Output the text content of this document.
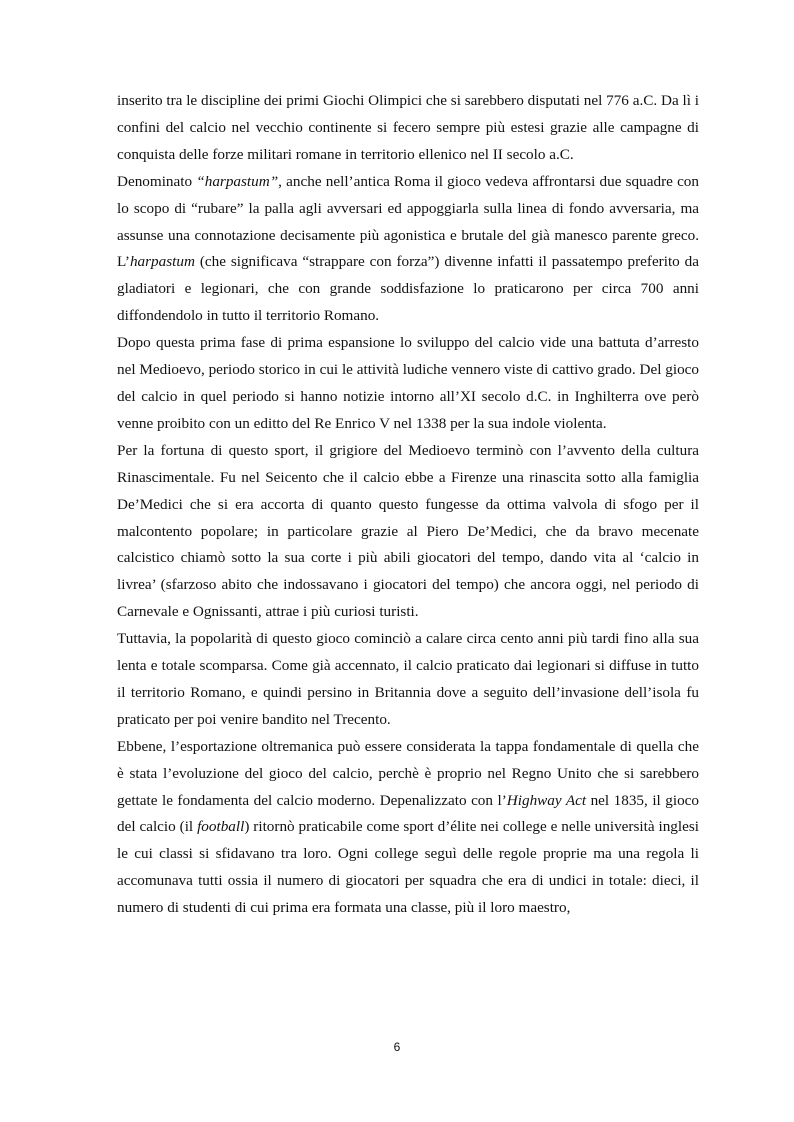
inserito tra le discipline dei primi Giochi Olimpici che si sarebbero disputati nel 776 a.C. Da lì i confini del calcio nel vecchio continente si fecero sempre più estesi grazie alle campagne di conquista delle forze militari romane in territorio ellenico nel II secolo a.C.

Denominato “harpastum”, anche nell’antica Roma il gioco vedeva affrontarsi due squadre con lo scopo di “rubare” la palla agli avversari ed appoggiarla sulla linea di fondo avversaria, ma assunse una connotazione decisamente più agonistica e brutale del già manesco parente greco. L’harpastum (che significava “strappare con forza”) divenne infatti il passatempo preferito da gladiatori e legionari, che con grande soddisfazione lo praticarono per circa 700 anni diffondendolo in tutto il territorio Romano.

Dopo questa prima fase di prima espansione lo sviluppo del calcio vide una battuta d’arresto nel Medioevo, periodo storico in cui le attività ludiche vennero viste di cattivo grado. Del gioco del calcio in quel periodo si hanno notizie intorno all’XI secolo d.C. in Inghilterra ove però venne proibito con un editto del Re Enrico V nel 1338 per la sua indole violenta.

Per la fortuna di questo sport, il grigiore del Medioevo terminò con l’avvento della cultura Rinascimentale. Fu nel Seicento che il calcio ebbe a Firenze una rinascita sotto alla famiglia De’Medici che si era accorta di quanto questo fungesse da ottima valvola di sfogo per il malcontento popolare; in particolare grazie al Piero De’Medici, che da bravo mecenate calcistico chiamò sotto la sua corte i più abili giocatori del tempo, dando vita al ‘calcio in livrea’ (sfarzoso abito che indossavano i giocatori del tempo) che ancora oggi, nel periodo di Carnevale e Ognissanti, attrae i più curiosi turisti.

Tuttavia, la popolarità di questo gioco cominciò a calare circa cento anni più tardi fino alla sua lenta e totale scomparsa. Come già accennato, il calcio praticato dai legionari si diffuse in tutto il territorio Romano, e quindi persino in Britannia dove a seguito dell’invasione dell’isola fu praticato per poi venire bandito nel Trecento.

Ebbene, l’esportazione oltremanica può essere considerata la tappa fondamentale di quella che è stata l’evoluzione del gioco del calcio, perchè è proprio nel Regno Unito che si sarebbero gettate le fondamenta del calcio moderno. Depenalizzato con l’Highway Act nel 1835, il gioco del calcio (il football) ritornò praticabile come sport d’élite nei college e nelle università inglesi le cui classi si sfidavano tra loro. Ogni college seguì delle regole proprie ma una regola li accomunava tutti ossia il numero di giocatori per squadra che era di undici in totale: dieci, il numero di studenti di cui prima era formata una classe, più il loro maestro,

6
